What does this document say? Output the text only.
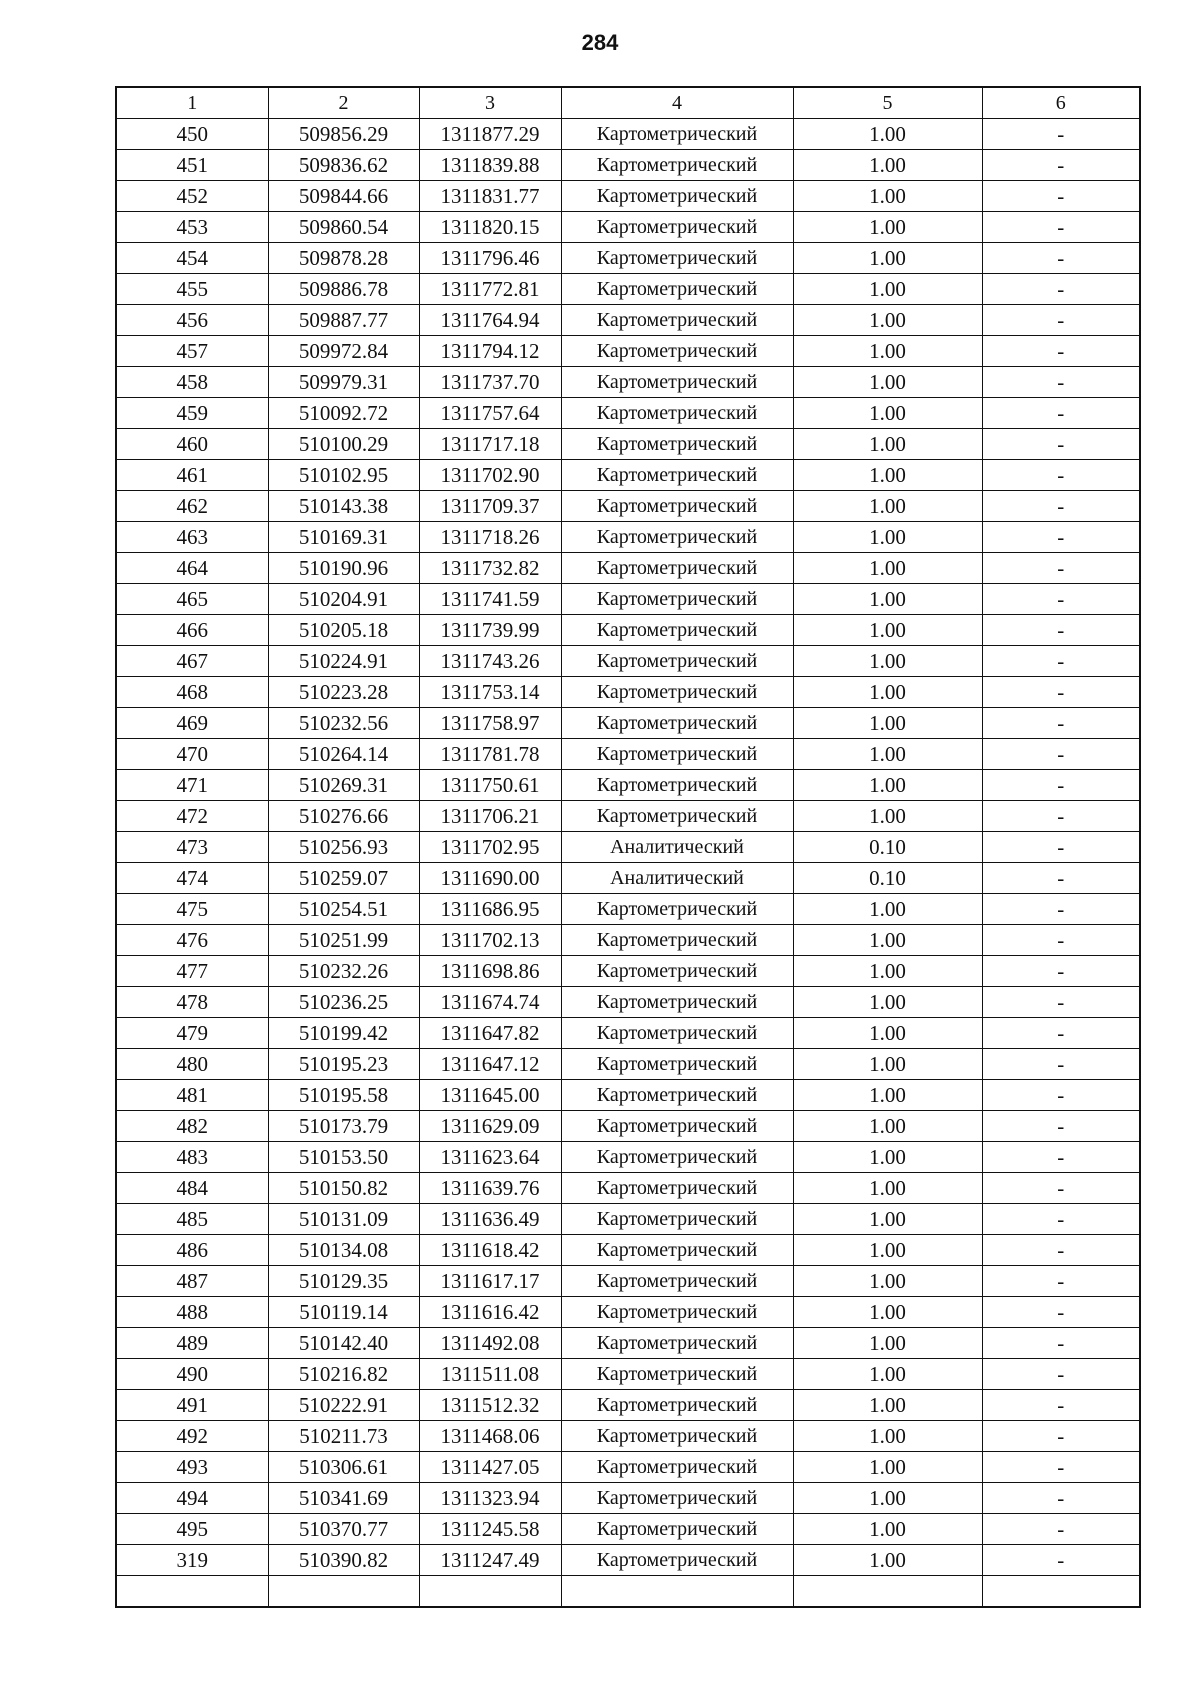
284
1	2	3	4	5	6
450	509856.29	1311877.29	Картометрический	1.00	-
451	509836.62	1311839.88	Картометрический	1.00	-
452	509844.66	1311831.77	Картометрический	1.00	-
453	509860.54	1311820.15	Картометрический	1.00	-
454	509878.28	1311796.46	Картометрический	1.00	-
455	509886.78	1311772.81	Картометрический	1.00	-
456	509887.77	1311764.94	Картометрический	1.00	-
457	509972.84	1311794.12	Картометрический	1.00	-
458	509979.31	1311737.70	Картометрический	1.00	-
459	510092.72	1311757.64	Картометрический	1.00	-
460	510100.29	1311717.18	Картометрический	1.00	-
461	510102.95	1311702.90	Картометрический	1.00	-
462	510143.38	1311709.37	Картометрический	1.00	-
463	510169.31	1311718.26	Картометрический	1.00	-
464	510190.96	1311732.82	Картометрический	1.00	-
465	510204.91	1311741.59	Картометрический	1.00	-
466	510205.18	1311739.99	Картометрический	1.00	-
467	510224.91	1311743.26	Картометрический	1.00	-
468	510223.28	1311753.14	Картометрический	1.00	-
469	510232.56	1311758.97	Картометрический	1.00	-
470	510264.14	1311781.78	Картометрический	1.00	-
471	510269.31	1311750.61	Картометрический	1.00	-
472	510276.66	1311706.21	Картометрический	1.00	-
473	510256.93	1311702.95	Аналитический	0.10	-
474	510259.07	1311690.00	Аналитический	0.10	-
475	510254.51	1311686.95	Картометрический	1.00	-
476	510251.99	1311702.13	Картометрический	1.00	-
477	510232.26	1311698.86	Картометрический	1.00	-
478	510236.25	1311674.74	Картометрический	1.00	-
479	510199.42	1311647.82	Картометрический	1.00	-
480	510195.23	1311647.12	Картометрический	1.00	-
481	510195.58	1311645.00	Картометрический	1.00	-
482	510173.79	1311629.09	Картометрический	1.00	-
483	510153.50	1311623.64	Картометрический	1.00	-
484	510150.82	1311639.76	Картометрический	1.00	-
485	510131.09	1311636.49	Картометрический	1.00	-
486	510134.08	1311618.42	Картометрический	1.00	-
487	510129.35	1311617.17	Картометрический	1.00	-
488	510119.14	1311616.42	Картометрический	1.00	-
489	510142.40	1311492.08	Картометрический	1.00	-
490	510216.82	1311511.08	Картометрический	1.00	-
491	510222.91	1311512.32	Картометрический	1.00	-
492	510211.73	1311468.06	Картометрический	1.00	-
493	510306.61	1311427.05	Картометрический	1.00	-
494	510341.69	1311323.94	Картометрический	1.00	-
495	510370.77	1311245.58	Картометрический	1.00	-
319	510390.82	1311247.49	Картометрический	1.00	-
